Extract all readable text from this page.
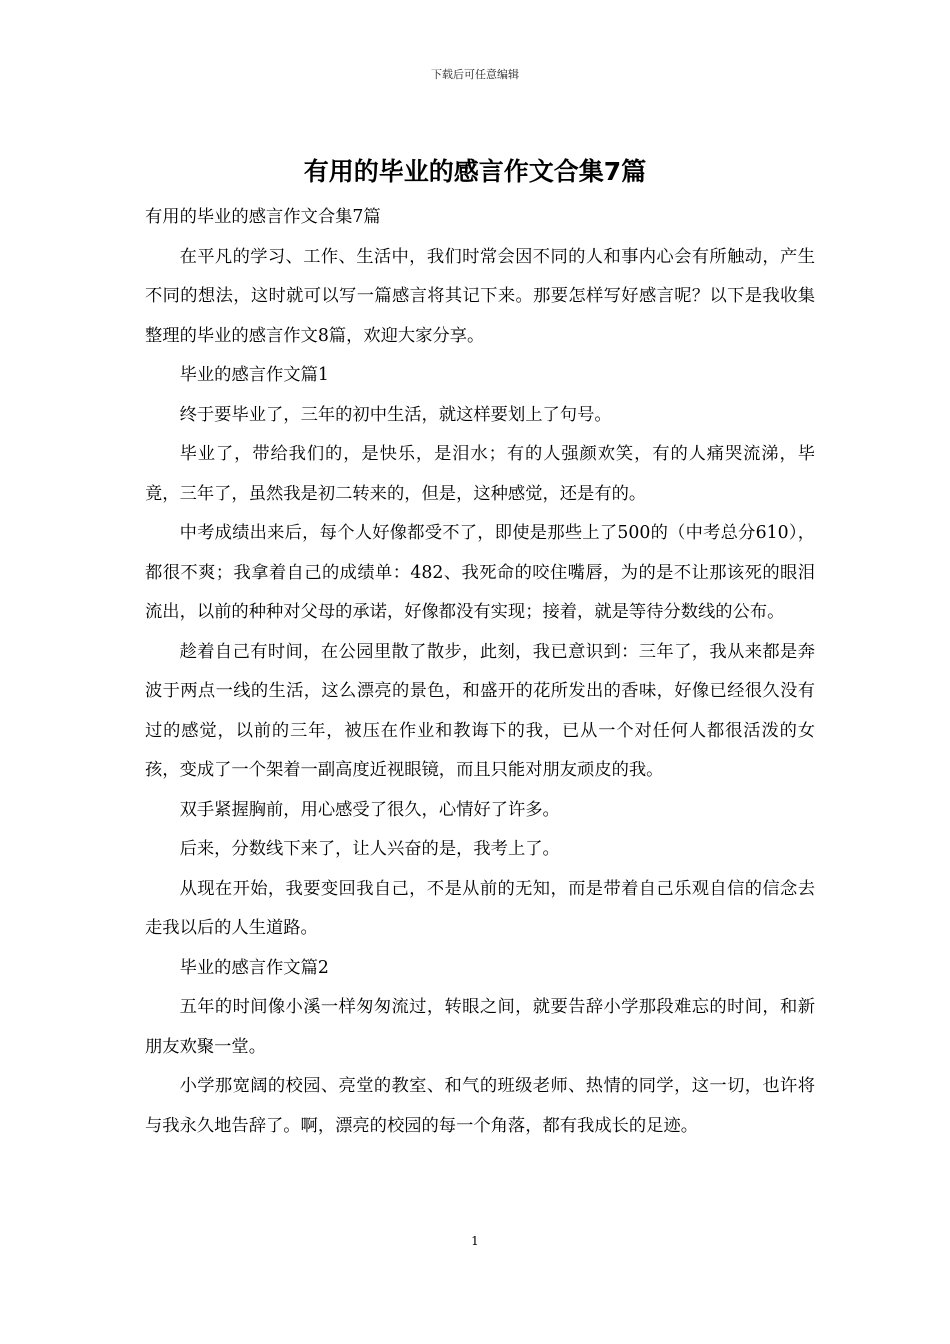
下载后可任意编辑
有用的毕业的感言作文合集7篇

有用的毕业的感言作文合集7篇

在平凡的学习、工作、生活中，我们时常会因不同的人和事内心会有所触动，产生不同的想法，这时就可以写一篇感言将其记下来。那要怎样写好感言呢？以下是我收集整理的毕业的感言作文8篇，欢迎大家分享。

毕业的感言作文篇1

终于要毕业了，三年的初中生活，就这样要划上了句号。

毕业了，带给我们的，是快乐，是泪水；有的人强颜欢笑，有的人痛哭流涕，毕竟，三年了，虽然我是初二转来的，但是，这种感觉，还是有的。

中考成绩出来后，每个人好像都受不了，即使是那些上了500的（中考总分610），都很不爽；我拿着自己的成绩单：482、我死命的咬住嘴唇，为的是不让那该死的眼泪流出，以前的种种对父母的承诺，好像都没有实现；接着，就是等待分数线的公布。

趁着自己有时间，在公园里散了散步，此刻，我已意识到：三年了，我从来都是奔波于两点一线的生活，这么漂亮的景色，和盛开的花所发出的香味，好像已经很久没有过的感觉，以前的三年，被压在作业和教诲下的我，已从一个对任何人都很活泼的女孩，变成了一个架着一副高度近视眼镜，而且只能对朋友顽皮的我。

双手紧握胸前，用心感受了很久，心情好了许多。

后来，分数线下来了，让人兴奋的是，我考上了。

从现在开始，我要变回我自己，不是从前的无知，而是带着自己乐观自信的信念去走我以后的人生道路。

毕业的感言作文篇2

五年的时间像小溪一样匆匆流过，转眼之间，就要告辞小学那段难忘的时间，和新朋友欢聚一堂。

小学那宽阔的校园、亮堂的教室、和气的班级老师、热情的同学，这一切，也许将与我永久地告辞了。啊，漂亮的校园的每一个角落，都有我成长的足迹。

1
